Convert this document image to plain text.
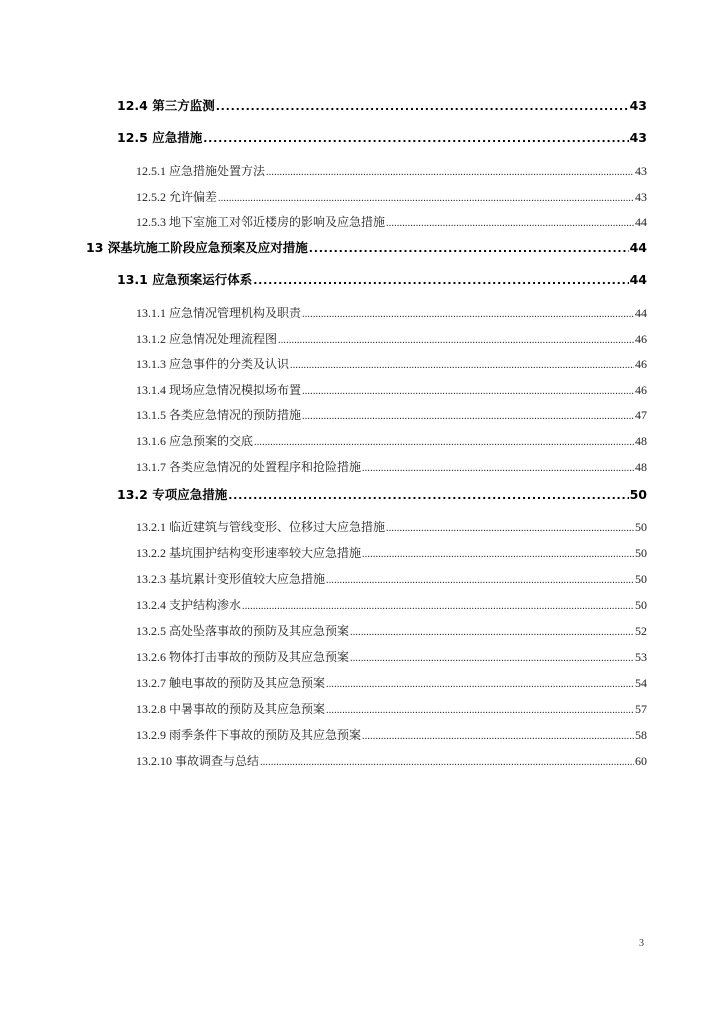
12.4 第三方监测 .....	43
12.5 应急措施 .....	43
12.5.1 应急措施处置方法 .....	43
12.5.2 允许偏差 .....	43
12.5.3 地下室施工对邻近楼房的影响及应急措施 .....	44
13 深基坑施工阶段应急预案及应对措施 .....	44
13.1 应急预案运行体系 .....	44
13.1.1 应急情况管理机构及职责 .....	44
13.1.2 应急情况处理流程图 .....	46
13.1.3 应急事件的分类及认识 .....	46
13.1.4 现场应急情况模拟场布置 .....	46
13.1.5 各类应急情况的预防措施 .....	47
13.1.6 应急预案的交底 .....	48
13.1.7 各类应急情况的处置程序和抢险措施 .....	48
13.2 专项应急措施 .....	50
13.2.1 临近建筑与管线变形、位移过大应急措施 .....	50
13.2.2 基坑围护结构变形速率较大应急措施 .....	50
13.2.3 基坑累计变形值较大应急措施 .....	50
13.2.4 支护结构渗水 .....	50
13.2.5 高处坠落事故的预防及其应急预案 .....	52
13.2.6 物体打击事故的预防及其应急预案 .....	53
13.2.7 触电事故的预防及其应急预案 .....	54
13.2.8 中暑事故的预防及其应急预案 .....	57
13.2.9 雨季条件下事故的预防及其应急预案 .....	58
13.2.10 事故调查与总结 .....	60
3
